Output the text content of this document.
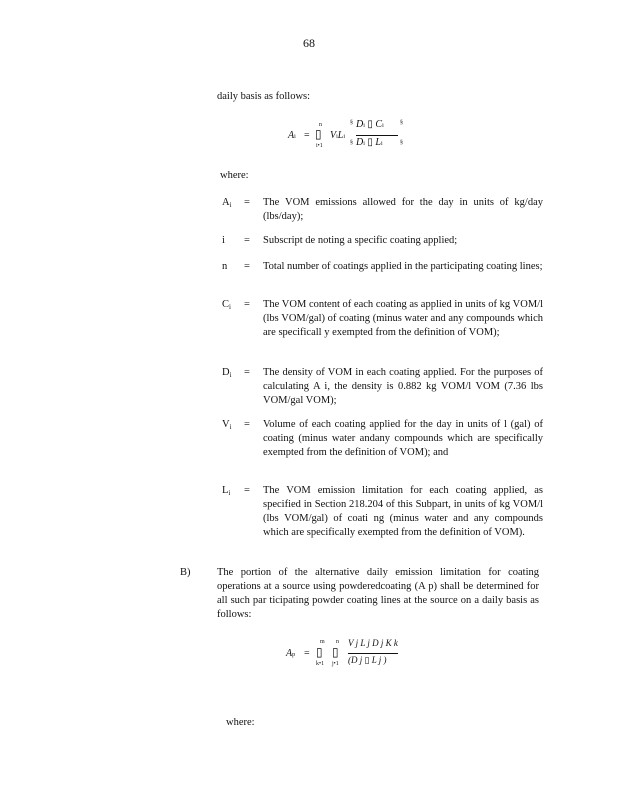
68
daily basis as follows:
Ai =
n
▯
i•1
ViLi
§
§
Di ▯ Ci
Di ▯ Li
§
§
where:
$A_i$	=	The VOM emissions allowed for the day in units of kg/day (lbs/day);
i	=	Subscript de noting a specific coating applied;
n	=	Total number of coatings applied in the participating coating lines;
$C_i$	=	The VOM content of each coating as applied in units of kg VOM/l (lbs VOM/gal) of coating (minus water and any compounds which are specificall y exempted from the definition of VOM);
$D_i$	=	The density of VOM in each coating applied. For the purposes of calculating A i, the density is 0.882 kg VOM/l VOM (7.36 lbs VOM/gal VOM);
$V_i$	=	Volume of each coating applied for the day in units of l (gal) of coating (minus water andany compounds which are specifically exempted from the definition of VOM); and
$L_i$	=	The VOM emission limitation for each coating applied, as specified in Section 218.204 of this Subpart, in units of kg VOM/l (lbs VOM/gal) of coati ng (minus water and any compounds which are specifically exempted from the definition of VOM).
B)	The portion of the alternative daily emission limitation for coating operations at a source using powderedcoating (A p) shall be determined for all such par ticipating powder coating lines at the source on a daily basis as follows:
Ap =
m
▯
k•1
n
▯
j•1
V j L j D j K k
(D j ▯ L j )
where:
